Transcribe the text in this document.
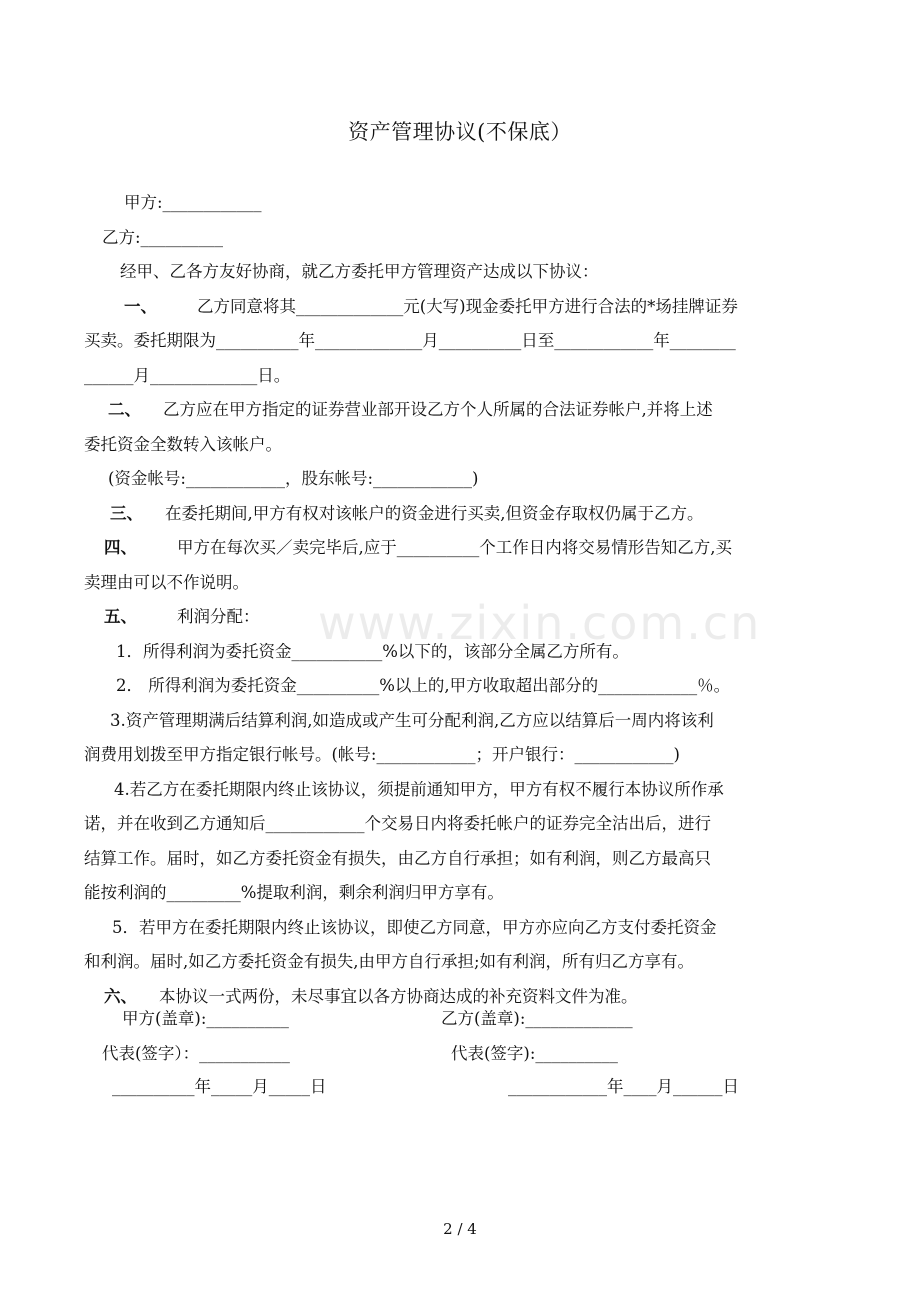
资产管理协议(不保底）
甲方:____________
乙方:__________
经甲、乙各方友好协商，就乙方委托甲方管理资产达成以下协议：
一、 乙方同意将其_____________元(大写)现金委托甲方进行合法的*场挂牌证券
买卖。委托期限为__________年_____________月__________日至____________年________
______月_____________日。
二、 乙方应在甲方指定的证券营业部开设乙方个人所属的合法证券帐户,并将上述
委托资金全数转入该帐户。
(资金帐号:____________，股东帐号:____________)
三、 在委托期间,甲方有权对该帐户的资金进行买卖,但资金存取权仍属于乙方。
四、 甲方在每次买／卖完毕后,应于__________个工作日内将交易情形告知乙方,买
卖理由可以不作说明。
五、 利润分配：
1．所得利润为委托资金___________%以下的，该部分全属乙方所有。
2． 所得利润为委托资金__________%以上的,甲方收取超出部分的____________％。
3.资产管理期满后结算利润,如造成或产生可分配利润,乙方应以结算后一周内将该利
润费用划拨至甲方指定银行帐号。(帐号:____________；开户银行：____________)
4.若乙方在委托期限内终止该协议，须提前通知甲方，甲方有权不履行本协议所作承
诺，并在收到乙方通知后____________个交易日内将委托帐户的证券完全沽出后，进行
结算工作。届时，如乙方委托资金有损失，由乙方自行承担；如有利润，则乙方最高只
能按利润的_________%提取利润，剩余利润归甲方享有。
5．若甲方在委托期限内终止该协议，即使乙方同意，甲方亦应向乙方支付委托资金
和利润。届时,如乙方委托资金有损失,由甲方自行承担;如有利润，所有归乙方享有。
六、 本协议一式两份，未尽事宜以各方协商达成的补充资料文件为准。
甲方(盖章):__________	乙方(盖章):_____________
代表(签字）：___________	代表(签字):__________
__________年_____月_____日	____________年____月______日
www.zixin.com.cn
2 / 4
